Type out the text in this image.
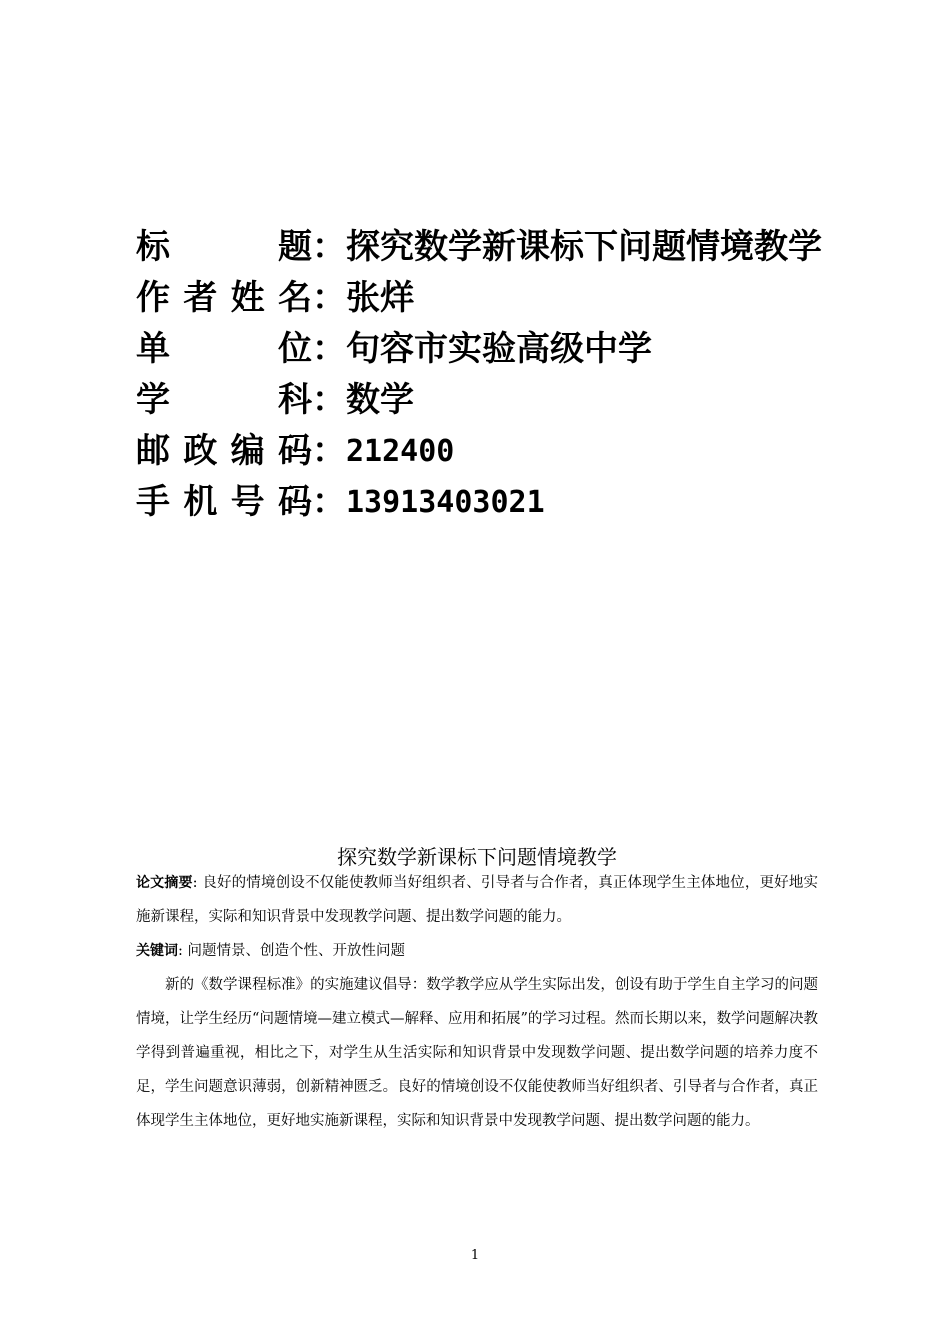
标题 ： 探究数学新课标下问题情境教学
作者姓名 ： 张烊
单位 ： 句容市实验高级中学
学科 ： 数学
邮政编码 ： 212400
手机号码 ： 13913403021
探究数学新课标下问题情境教学
论文摘要: 良好的情境创设不仅能使教师当好组织者、引导者与合作者，真正体现学生主体地位，更好地实施新课程，实际和知识背景中发现教学问题、提出数学问题的能力。
关键词: 问题情景、创造个性、开放性问题
新的《数学课程标准》的实施建议倡导：数学教学应从学生实际出发，创设有助于学生自主学习的问题情境，让学生经历“问题情境—建立模式—解释、应用和拓展”的学习过程。然而长期以来，数学问题解决教学得到普遍重视，相比之下，对学生从生活实际和知识背景中发现数学问题、提出数学问题的培养力度不足，学生问题意识薄弱，创新精神匮乏。良好的情境创设不仅能使教师当好组织者、引导者与合作者，真正体现学生主体地位，更好地实施新课程，实际和知识背景中发现教学问题、提出数学问题的能力。
1
